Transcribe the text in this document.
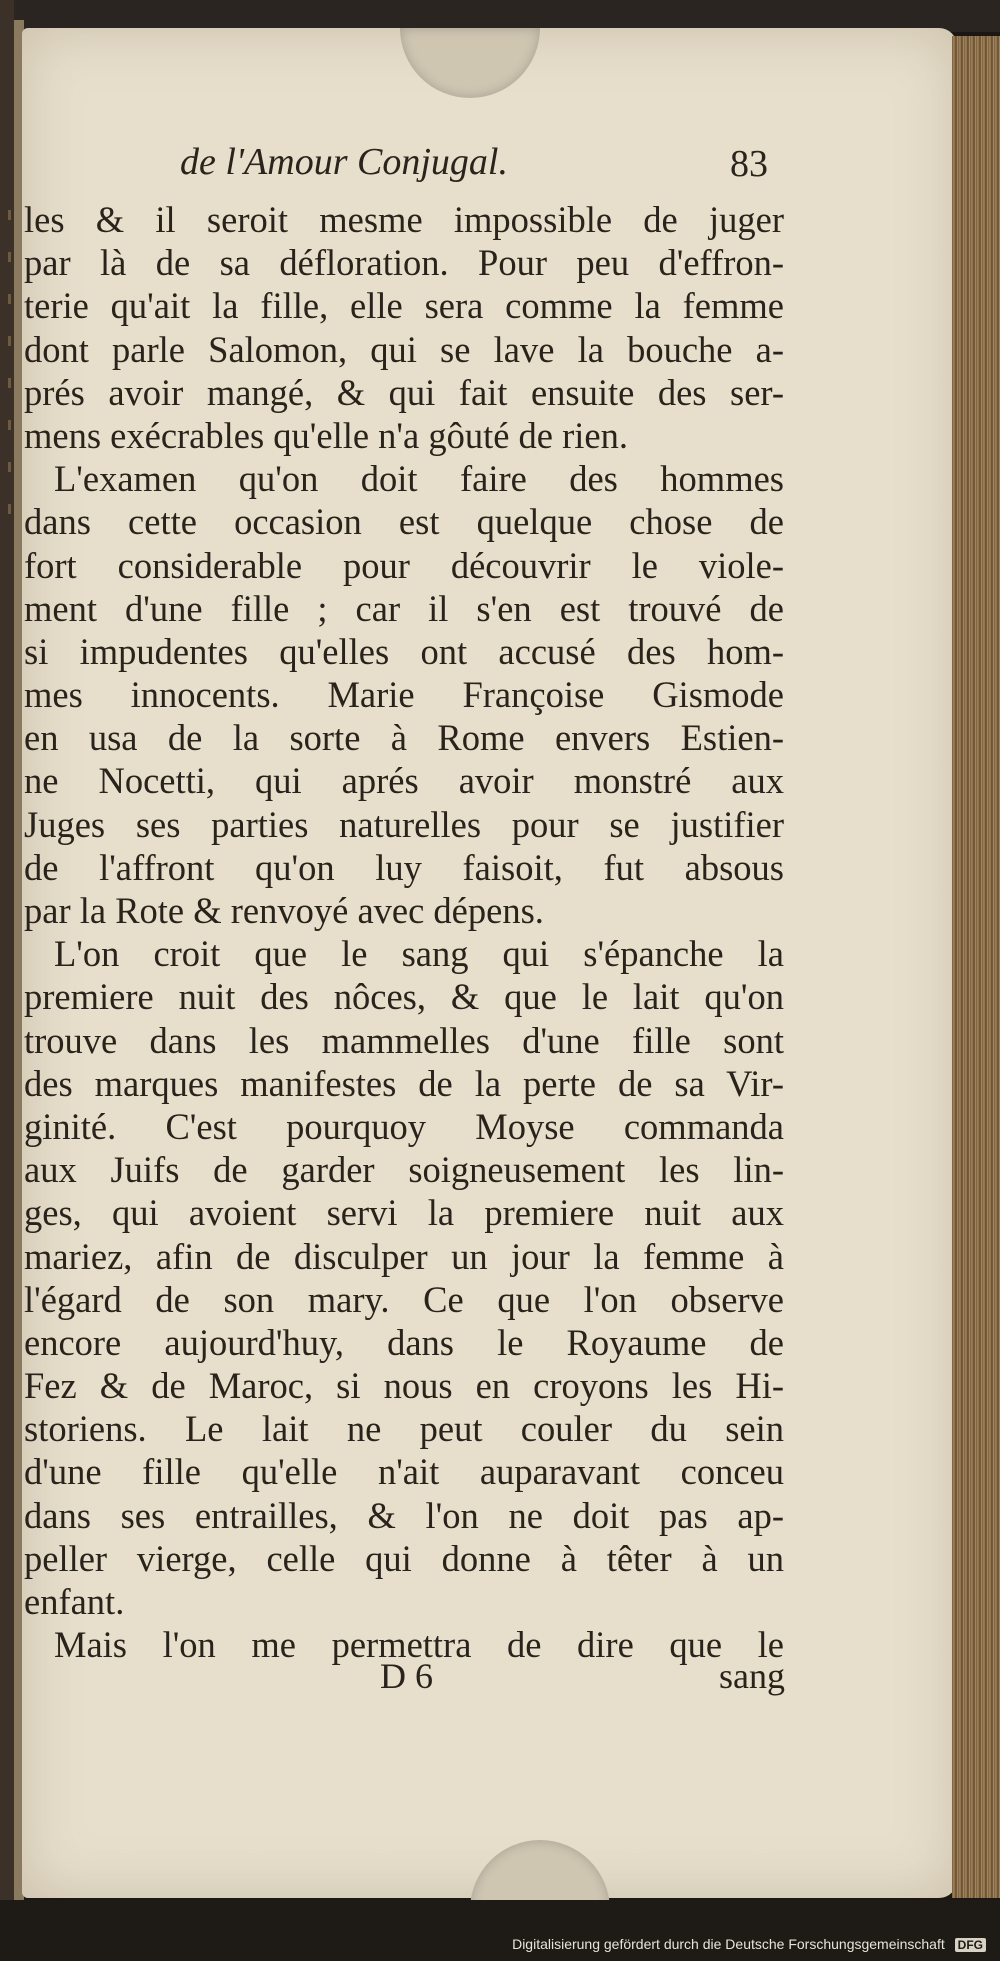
de l'Amour Conjugal.	83
les & il seroit mesme impossible de juger
par là de sa défloration. Pour peu d'effron-
terie qu'ait la fille, elle sera comme la femme
dont parle Salomon, qui se lave la bouche a-
prés avoir mangé, & qui fait ensuite des ser-
mens exécrables qu'elle n'a gôuté de rien.
L'examen qu'on doit faire des hommes
dans cette occasion est quelque chose de
fort considerable pour découvrir le viole-
ment d'une fille ; car il s'en est trouvé de
si impudentes qu'elles ont accusé des hom-
mes innocents. Marie Françoise Gismode
en usa de la sorte à Rome envers Estien-
ne Nocetti, qui aprés avoir monstré aux
Juges ses parties naturelles pour se justifier
de l'affront qu'on luy faisoit, fut absous
par la Rote & renvoyé avec dépens.
L'on croit que le sang qui s'épanche la
premiere nuit des nôces, & que le lait qu'on
trouve dans les mammelles d'une fille sont
des marques manifestes de la perte de sa Vir-
ginité. C'est pourquoy Moyse commanda
aux Juifs de garder soigneusement les lin-
ges, qui avoient servi la premiere nuit aux
mariez, afin de disculper un jour la femme à
l'égard de son mary. Ce que l'on observe
encore aujourd'huy, dans le Royaume de
Fez & de Maroc, si nous en croyons les Hi-
storiens. Le lait ne peut couler du sein
d'une fille qu'elle n'ait auparavant conceu
dans ses entrailles, & l'on ne doit pas ap-
peller vierge, celle qui donne à têter à un
enfant.
Mais l'on me permettra de dire que le
D 6	sang
Digitalisierung gefördert durch die Deutsche Forschungsgemeinschaft DFG
